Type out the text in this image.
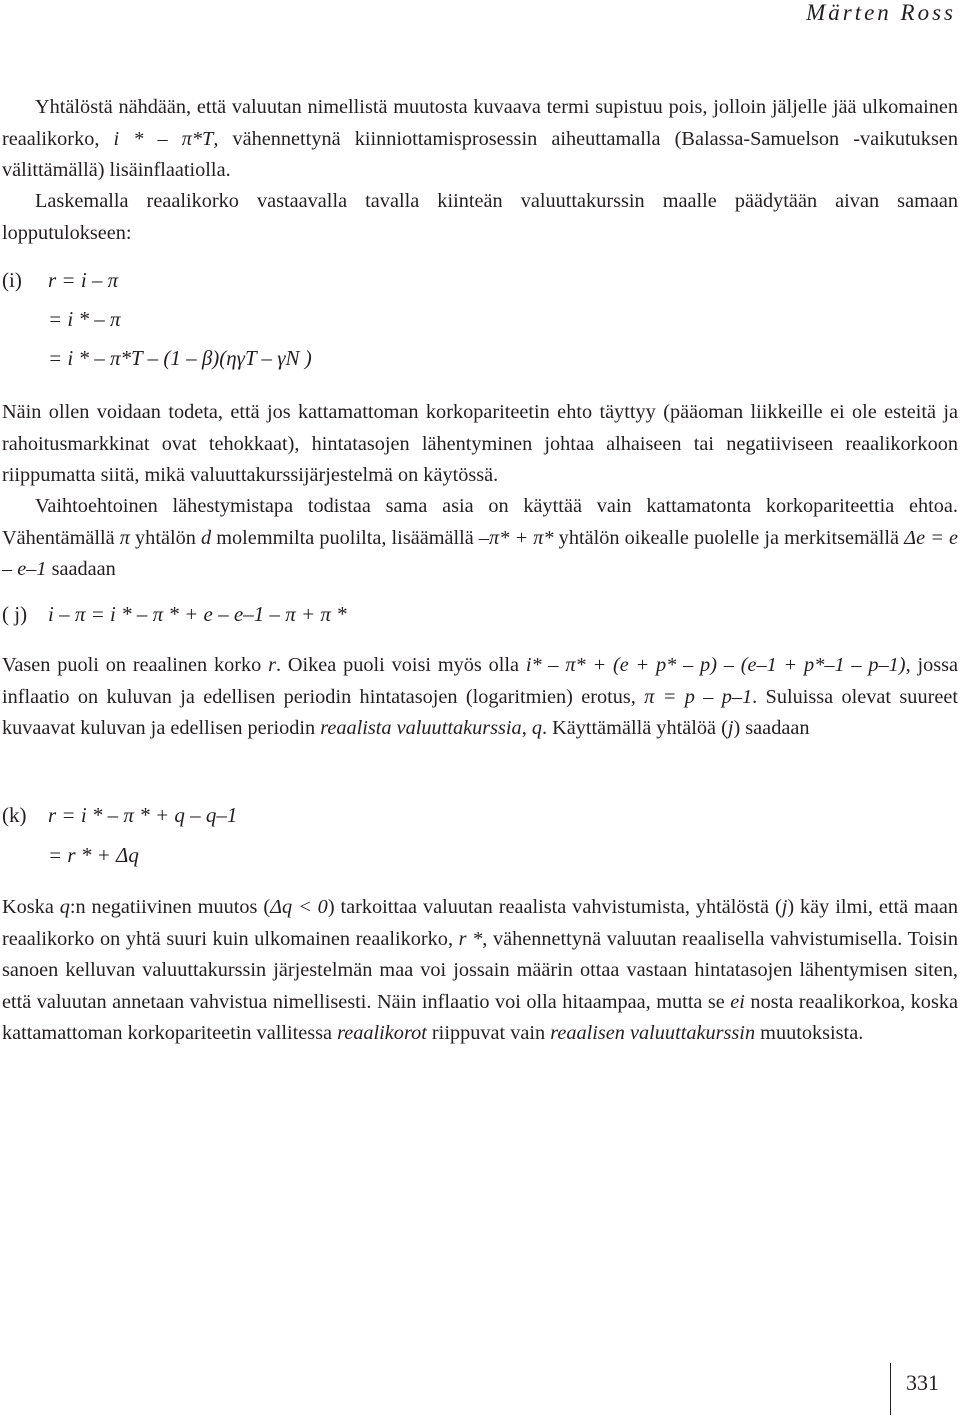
Märten Ross

Yhtälöstä nähdään, että valuutan nimellistä muutosta kuvaava termi supistuu pois, jolloin jäljelle jää ulkomainen reaalikorko, i * – π*T, vähennettynä kiinniottamisprosessin aiheuttamalla (Balassa-Samuelson -vaikutuksen välittämällä) lisäinflaatiolla.

Laskemalla reaalikorko vastaavalla tavalla kiinteän valuuttakurssin maalle päädytään aivan samaan lopputulokseen:

(i) r = i – π
= i * – π
= i * – π*T – (1 – β)(ηγT – γN )

Näin ollen voidaan todeta, että jos kattamattoman korkopariteetin ehto täyttyy (pääoman liikkeille ei ole esteitä ja rahoitusmarkkinat ovat tehokkaat), hintatasojen lähentyminen johtaa alhaiseen tai negatiiviseen reaalikorkoon riippumatta siitä, mikä valuuttakurssijärjestelmä on käytössä.

Vaihtoehtoinen lähestymistapa todistaa sama asia on käyttää vain kattamatonta korkopariteettia ehtoa. Vähentämällä π yhtälön d molemmilta puolilta, lisäämällä –π* + π* yhtälön oikealle puolelle ja merkitsemällä Δe = e – e–1 saadaan

( j) i – π = i * – π * + e – e–1 – π + π *

Vasen puoli on reaalinen korko r. Oikea puoli voisi myös olla i* – π* + (e + p* – p) – (e–1 + p*–1 – p–1), jossa inflaatio on kuluvan ja edellisen periodin hintatasojen (logaritmien) erotus, π = p – p–1. Suluissa olevat suureet kuvaavat kuluvan ja edellisen periodin reaalista valuuttakurssia, q. Käyttämällä yhtälöä (j) saadaan

(k) r = i * – π * + q – q–1
= r * + Δq

Koska q:n negatiivinen muutos (Δq < 0) tarkoittaa valuutan reaalista vahvistumista, yhtälöstä (j) käy ilmi, että maan reaalikorko on yhtä suuri kuin ulkomainen reaalikorko, r *, vähennettynä valuutan reaalisella vahvistumisella. Toisin sanoen kelluvan valuuttakurssin järjestelmän maa voi jossain määrin ottaa vastaan hintatasojen lähentymisen siten, että valuutan annetaan vahvistua nimellisesti. Näin inflaatio voi olla hitaampaa, mutta se ei nosta reaalikorkoa, koska kattamattoman korkopariteetin vallitessa reaalikorot riippuvat vain reaalisen valuuttakurssin muutoksista.

331
